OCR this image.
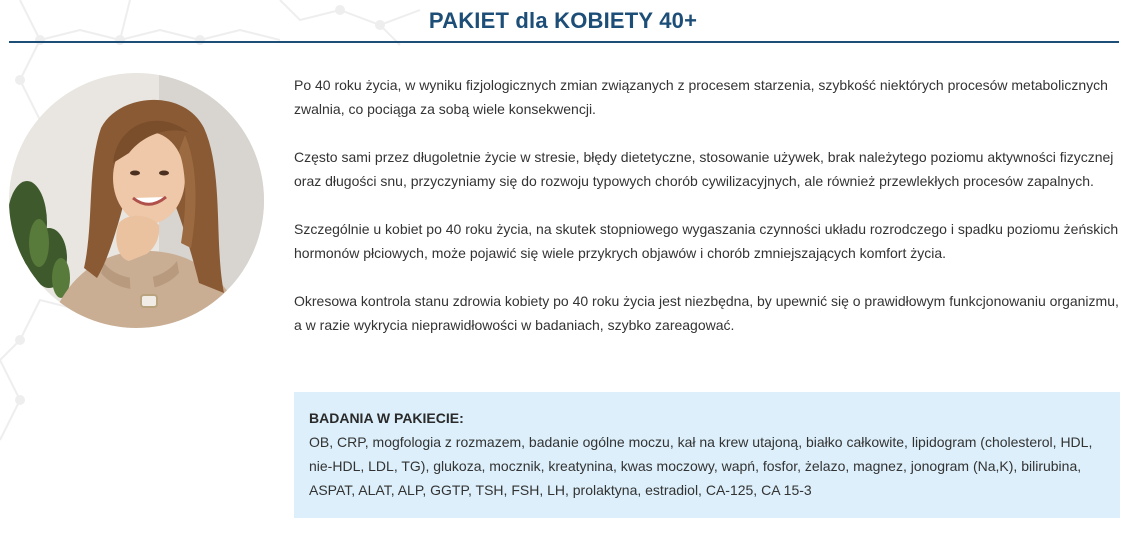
PAKIET dla KOBIETY 40+

Po 40 roku życia, w wyniku fizjologicznych zmian związanych z procesem starzenia, szybkość niektórych procesów metabolicznych zwalnia, co pociąga za sobą wiele konsekwencji.

Często sami przez długoletnie życie w stresie, błędy dietetyczne, stosowanie używek, brak należytego poziomu aktywności fizycznej oraz długości snu, przyczyniamy się do rozwoju typowych chorób cywilizacyjnych, ale również przewlekłych procesów zapalnych.

Szczególnie u kobiet po 40 roku życia, na skutek stopniowego wygaszania czynności układu rozrodczego i spadku poziomu żeńskich hormonów płciowych, może pojawić się wiele przykrych objawów i chorób zmniejszających komfort życia.

Okresowa kontrola stanu zdrowia kobiety po 40 roku życia jest niezbędna, by upewnić się o prawidłowym funkcjonowaniu organizmu, a w razie wykrycia nieprawidłowości w badaniach, szybko zareagować.

BADANIA W PAKIECIE:
OB, CRP, mogfologia z rozmazem, badanie ogólne moczu, kał na krew utajoną, białko całkowite, lipidogram (cholesterol, HDL, nie-HDL, LDL, TG), glukoza, mocznik, kreatynina, kwas moczowy, wapń, fosfor, żelazo, magnez, jonogram (Na,K), bilirubina, ASPAT, ALAT, ALP, GGTP, TSH, FSH, LH, prolaktyna, estradiol, CA-125, CA 15-3
